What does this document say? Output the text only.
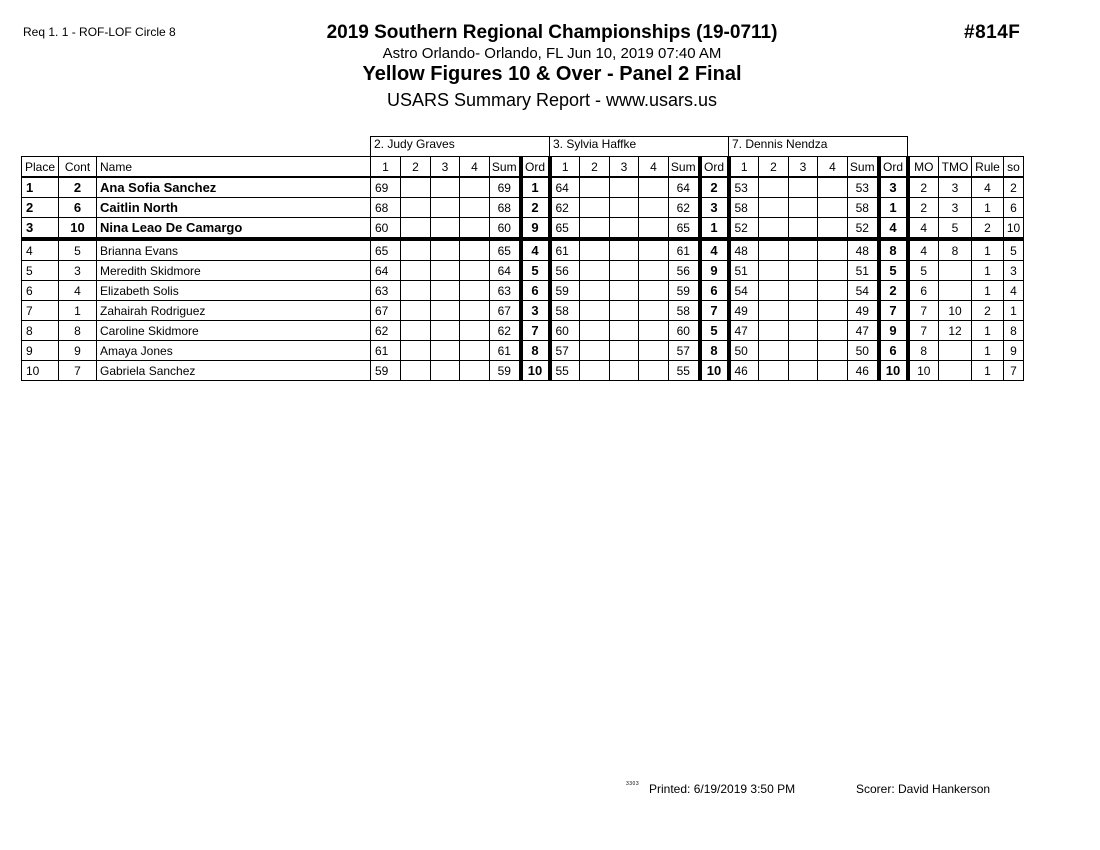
Req 1. 1 - ROF-LOF Circle 8	#814F
2019 Southern Regional Championships (19-0711)
Astro Orlando- Orlando, FL Jun 10, 2019 07:40 AM
Yellow Figures 10 & Over - Panel 2 Final
USARS Summary Report - www.usars.us
			2. Judy Graves						3. Sylvia Haffke						7. Dennis Nendza									
Place	Cont	Name	1	2	3	4	Sum	Ord	1	2	3	4	Sum	Ord	1	2	3	4	Sum	Ord	MO	TMO	Rule	so
1	2	Ana Sofia Sanchez	69				69	1	64				64	2	53				53	3	2	3	4	2
2	6	Caitlin North	68				68	2	62				62	3	58				58	1	2	3	1	6
3	10	Nina Leao De Camargo	60				60	9	65				65	1	52				52	4	4	5	2	10
4	5	Brianna Evans	65				65	4	61				61	4	48				48	8	4	8	1	5
5	3	Meredith Skidmore	64				64	5	56				56	9	51				51	5	5		1	3
6	4	Elizabeth Solis	63				63	6	59				59	6	54				54	2	6		1	4
7	1	Zahairah Rodriguez	67				67	3	58				58	7	49				49	7	7	10	2	1
8	8	Caroline Skidmore	62				62	7	60				60	5	47				47	9	7	12	1	8
9	9	Amaya Jones	61				61	8	57				57	8	50				50	6	8		1	9
10	7	Gabriela Sanchez	59				59	10	55				55	10	46				46	10	10		1	7
3303 Printed: 6/19/2019 3:50 PM	Scorer: David Hankerson
